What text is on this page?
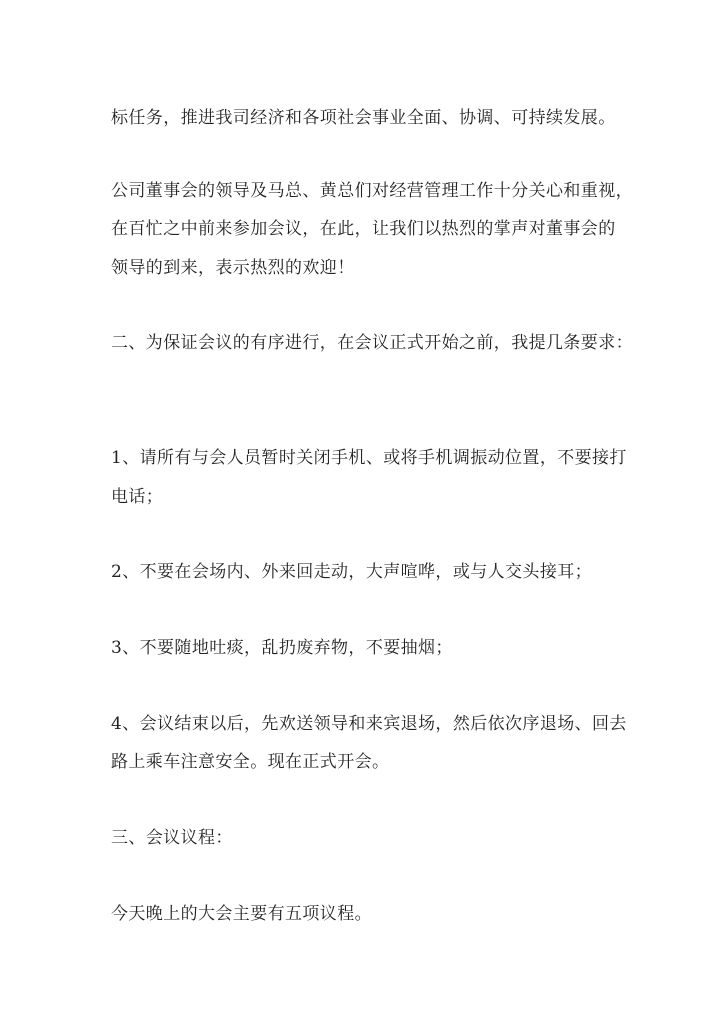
标任务，推进我司经济和各项社会事业全面、协调、可持续发展。
公司董事会的领导及马总、黄总们对经营管理工作十分关心和重视，
在百忙之中前来参加会议，在此，让我们以热烈的掌声对董事会的
领导的到来，表示热烈的欢迎！
二、为保证会议的有序进行，在会议正式开始之前，我提几条要求：
1、请所有与会人员暂时关闭手机、或将手机调振动位置，不要接打
电话；
2、不要在会场内、外来回走动，大声喧哗，或与人交头接耳；
3、不要随地吐痰，乱扔废弃物，不要抽烟；
4、会议结束以后，先欢送领导和来宾退场，然后依次序退场、回去
路上乘车注意安全。现在正式开会。
三、会议议程：
今天晚上的大会主要有五项议程。
